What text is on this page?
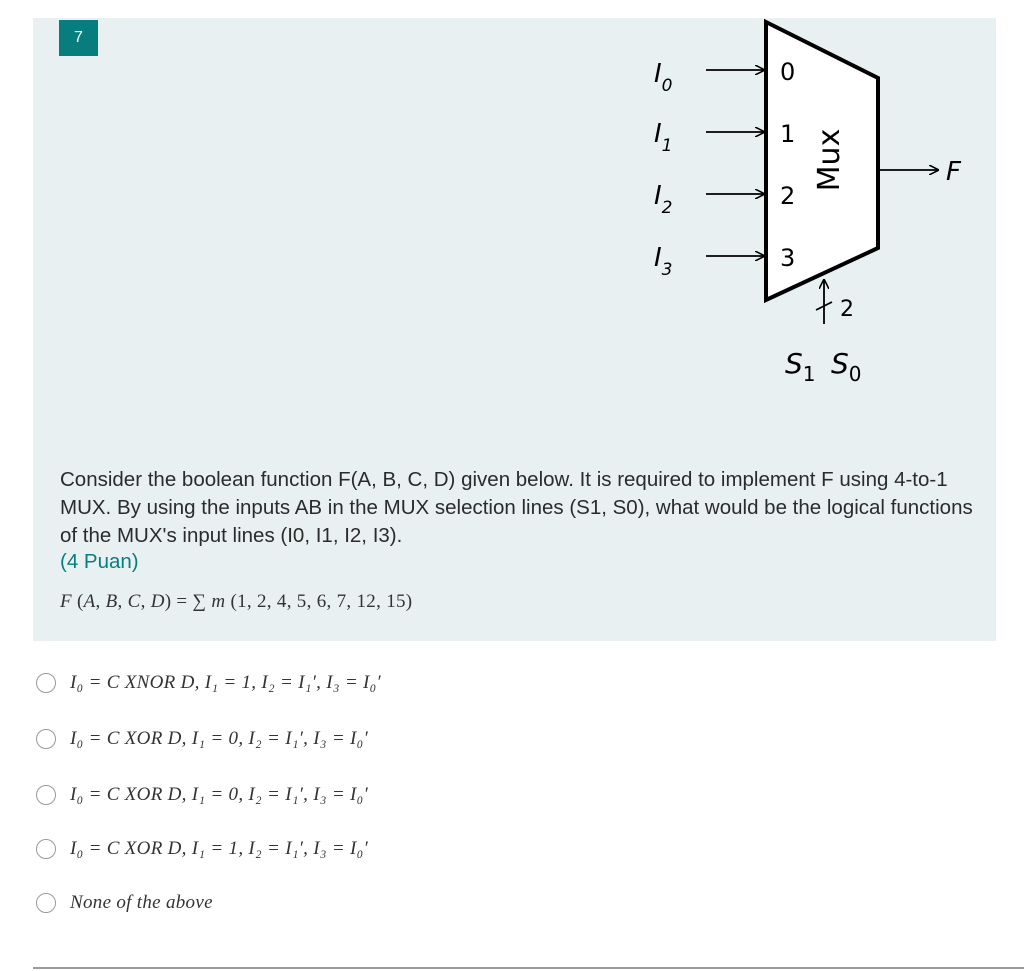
7
$I_0$
$I_1$
$I_2$
$I_3$
0
1
2
3
Mux	F
2
$S_1$ $S_0$
Consider the boolean function F(A, B, C, D) given below. It is required to implement F using 4-to-1 MUX. By using the inputs AB in the MUX selection lines (S1, S0), what would be the logical functions of the MUX's input lines (I0, I1, I2, I3).
(4 Puan)
F (A, B, C, D) = ∑ m (1, 2, 4, 5, 6, 7, 12, 15)
I₀ = C XNOR D, I₁ = 1, I₂ = I₁′, I₃ = I₀′
I₀ = C XOR D, I₁ = 0, I₂ = I₁′, I₃ = I₀′
I₀ = C XOR D, I₁ = 0, I₂ = I₁′, I₃ = I₀′
I₀ = C XOR D, I₁ = 1, I₂ = I₁′, I₃ = I₀′
None of the above
